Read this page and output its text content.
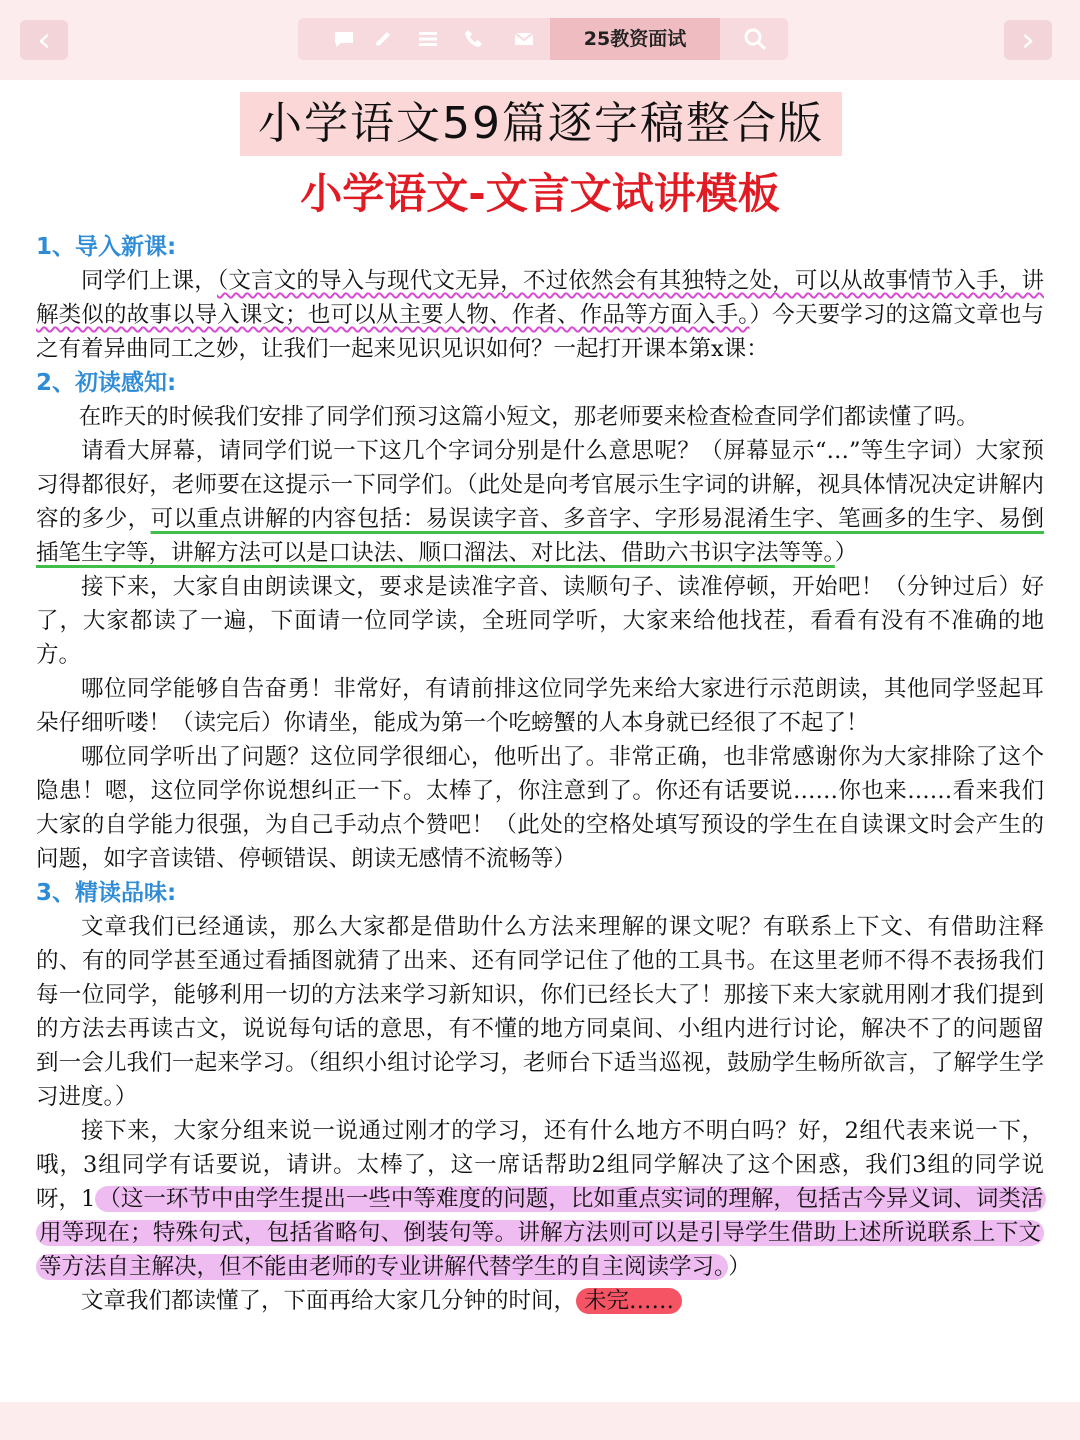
‹	25教资面试	›
小学语文59篇逐字稿整合版
小学语文-文言文试讲模板

1、导入新课:

同学们上课，（文言文的导入与现代文无异，不过依然会有其独特之处，可以从故事情节入手，讲解类似的故事以导入课文；也可以从主要人物、作者、作品等方面入手。）今天要学习的这篇文章也与之有着异曲同工之妙，让我们一起来见识见识如何？一起打开课本第x课：

2、初读感知:

在昨天的时候我们安排了同学们预习这篇小短文，那老师要来检查检查同学们都读懂了吗。

请看大屏幕，请同学们说一下这几个字词分别是什么意思呢？（屏幕显示“…”等生字词）大家预习得都很好，老师要在这提示一下同学们。（此处是向考官展示生字词的讲解，视具体情况决定讲解内容的多少，可以重点讲解的内容包括：易误读字音、多音字、字形易混淆生字、笔画多的生字、易倒插笔生字等，讲解方法可以是口诀法、顺口溜法、对比法、借助六书识字法等等。）

接下来，大家自由朗读课文，要求是读准字音、读顺句子、读准停顿，开始吧！（分钟过后）好了，大家都读了一遍，下面请一位同学读，全班同学听，大家来给他找茬，看看有没有不准确的地方。

哪位同学能够自告奋勇！非常好，有请前排这位同学先来给大家进行示范朗读，其他同学竖起耳朵仔细听喽！（读完后）你请坐，能成为第一个吃螃蟹的人本身就已经很了不起了！

哪位同学听出了问题？这位同学很细心，他听出了。非常正确，也非常感谢你为大家排除了这个隐患！嗯，这位同学你说想纠正一下。太棒了，你注意到了。你还有话要说……你也来……看来我们大家的自学能力很强，为自己手动点个赞吧！（此处的空格处填写预设的学生在自读课文时会产生的问题，如字音读错、停顿错误、朗读无感情不流畅等）

3、精读品味:

文章我们已经通读，那么大家都是借助什么方法来理解的课文呢？有联系上下文、有借助注释的、有的同学甚至通过看插图就猜了出来、还有同学记住了他的工具书。在这里老师不得不表扬我们每一位同学，能够利用一切的方法来学习新知识，你们已经长大了！那接下来大家就用刚才我们提到的方法去再读古文，说说每句话的意思，有不懂的地方同桌间、小组内进行讨论，解决不了的问题留到一会儿我们一起来学习。（组织小组讨论学习，老师台下适当巡视，鼓励学生畅所欲言，了解学生学习进度。）

接下来，大家分组来说一说通过刚才的学习，还有什么地方不明白吗？好，2组代表来说一下，哦，3组同学有话要说，请讲。太棒了，这一席话帮助2组同学解决了这个困惑，我们3组的同学说呀，1 （这一环节中由学生提出一些中等难度的问题，比如重点实词的理解，包括古今异义词、词类活用等现在；特殊句式，包括省略句、倒装句等。讲解方法则可以是引导学生借助上述所说联系上下文等方法自主解决，但不能由老师的专业讲解代替学生的自主阅读学习。 ）

文章我们都读懂了，下面再给大家几分钟的时间， 未完……
